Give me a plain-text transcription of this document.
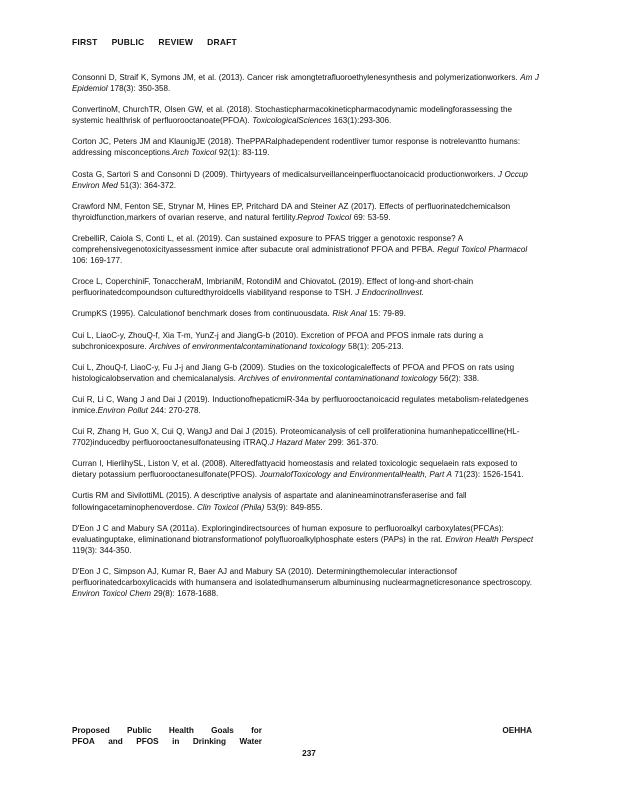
FIRST PUBLIC REVIEW DRAFT

Consonni D, Straif K, Symons JM, et al. (2013). Cancer risk amongtetrafluoroethylenesynthesis and polymerizationworkers. Am J Epidemiol 178(3): 350-358.

ConvertinoM, ChurchTR, Olsen GW, et al. (2018). Stochasticpharmacokineticpharmacodynamic modelingforassessing the systemic healthrisk of perfluorooctanoate(PFOA). ToxicologicalSciences 163(1):293-306.

Corton JC, Peters JM and KlaunigJE (2018). ThePPARalphadependent rodentliver tumor response is notrelevantto humans: addressing misconceptions.Arch Toxicol 92(1): 83-119.

Costa G, Sartori S and Consonni D (2009). Thirtyyears of medicalsurveillanceinperfluoctanoicacid productionworkers. J Occup Environ Med 51(3): 364-372.

Crawford NM, Fenton SE, Strynar M, Hines EP, Pritchard DA and Steiner AZ (2017). Effects of perfluorinatedchemicalson thyroidfunction,markers of ovarian reserve, and natural fertility.Reprod Toxicol 69: 53-59.

CrebelliR, Caiola S, Conti L, et al. (2019). Can sustained exposure to PFAS trigger a genotoxic response? A comprehensivegenotoxicityassessment inmice after subacute oral administrationof PFOA and PFBA. Regul Toxicol Pharmacol 106: 169-177.

Croce L, CoperchiniF, TonaccheraM, ImbrianiM, RotondiM and ChiovatoL (2019). Effect of long-and short-chain perfluorinatedcompoundson culturedthyroidcells viabilityand response to TSH. J EndocrinolInvest.

CrumpKS (1995). Calculationof benchmark doses from continuousdata. Risk Anal 15: 79-89.

Cui L, LiaoC-y, ZhouQ-f, Xia T-m, YunZ-j and JiangG-b (2010). Excretion of PFOA and PFOS inmale rats during a subchronicexposure. Archives of environmentalcontaminationand toxicology 58(1): 205-213.

Cui L, ZhouQ-f, LiaoC-y, Fu J-j and Jiang G-b (2009). Studies on the toxicologicaleffects of PFOA and PFOS on rats using histologicalobservation and chemicalanalysis. Archives of environmental contaminationand toxicology 56(2): 338.

Cui R, Li C, Wang J and Dai J (2019). InductionofhepaticmiR-34a by perfluorooctanoicacid regulates metabolism-relatedgenes inmice.Environ Pollut 244: 270-278.

Cui R, Zhang H, Guo X, Cui Q, WangJ and Dai J (2015). Proteomicanalysis of cell proliferationina humanhepaticcellline(HL-7702)inducedby perfluorooctanesulfonateusing iTRAQ.J Hazard Mater 299: 361-370.

Curran I, HierlihySL, Liston V, et al. (2008). Alteredfattyacid homeostasis and related toxicologic sequelaein rats exposed to dietary potassium perfluorooctanesulfonate(PFOS). JournalofToxicology and EnvironmentalHealth, Part A 71(23): 1526-1541.

Curtis RM and SivilottiML (2015). A descriptive analysis of aspartate and alanineaminotransferaserise and fall followingacetaminophenoverdose. Clin Toxicol (Phila) 53(9): 849-855.

D'Eon J C and Mabury SA (2011a). Exploringindirectsources of human exposure to perfluoroalkyl carboxylates(PFCAs): evaluatinguptake, eliminationand biotransformationof polyfluoroalkylphosphate esters (PAPs) in the rat. Environ Health Perspect 119(3): 344-350.

D'Eon J C, Simpson AJ, Kumar R, Baer AJ and Mabury SA (2010). Determiningthemolecular interactionsof perfluorinatedcarboxylicacids with humansera and isolatedhumanserum albuminusing nuclearmagneticresonance spectroscopy. Environ Toxicol Chem 29(8): 1678-1688.

Proposed Public Health Goals for
PFOA and PFOS in Drinking Water
OEHHA
237
